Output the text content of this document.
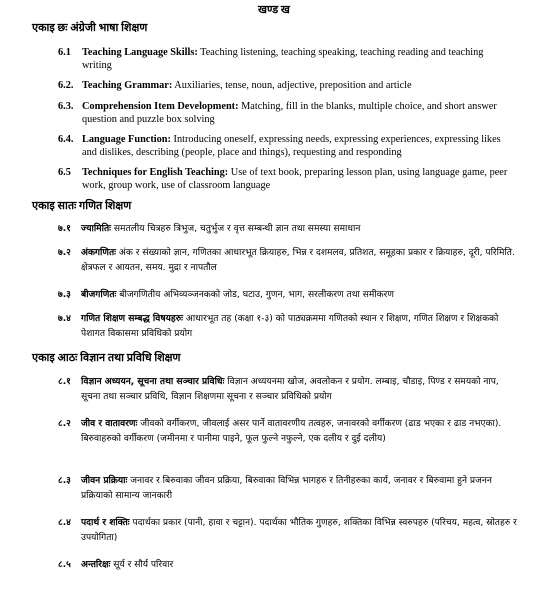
खण्ड ख
एकाइ छः अंग्रेजी भाषा शिक्षण
6.1	Teaching Language Skills: Teaching listening, teaching speaking, teaching reading and teaching writing
6.2. Teaching Grammar: Auxiliaries, tense, noun, adjective, preposition and article
6.3. Comprehension Item Development: Matching, fill in the blanks, multiple choice, and short answer question and puzzle box solving
6.4. Language Function: Introducing oneself, expressing needs, expressing experiences, expressing likes and dislikes, describing (people, place and things), requesting and responding
6.5	Techniques for English Teaching: Use of text book, preparing lesson plan, using language game, peer work, group work, use of classroom language
एकाइ सातः गणित शिक्षण
७.१	ज्यामितिः समतलीय चित्रहरु त्रिभुज, चतुर्भुज र वृत्त सम्बन्धी ज्ञान तथा समस्या समाधान
७.२	अंकगणितः अंक र संख्याको ज्ञान, गणितका आधारभूत क्रियाहरु, भिन्न र दशमलव, प्रतिशत, समूहका प्रकार र क्रियाहरु, दूरी, परिमिति. क्षेत्रफल र आयतन, समय. मुद्रा र नापतौल
७.३	बीजगणितः बीजगणितीय अभिव्यञ्जनकको जोड, घटाउ, गुणन, भाग, सरलीकरण तथा समीकरण
७.४	गणित शिक्षण सम्बद्ध विषयहरुः आधारभूत तह (कक्षा १-३) को पाठ्यक्रममा गणितको स्थान र शिक्षण, गणित शिक्षण र शिक्षकको पेशागत विकासमा प्रविधिको प्रयोग
एकाइ आठः विज्ञान तथा प्रविधि शिक्षण
८.१	विज्ञान अध्ययन, सूचना तथा सञ्चार प्रविधिः विज्ञान अध्ययनमा खोज, अवलोकन र प्रयोग. लम्बाइ, चौडाइ, पिण्ड र समयको नाप, सूचना तथा सञ्चार प्रविधि, विज्ञान शिक्षणमा सूचना र सञ्चार प्रविधिको प्रयोग
८.२	जीव र वातावरणः जीवको वर्गीकरण, जीवलाई असर पार्ने वातावरणीय तत्वहरु, जनावरको वर्गीकरण (ढाड भएका र ढाड नभएका). बिरुवाहरुको वर्गीकरण (जमीनमा र पानीमा पाइने, फूल फुल्ने नफुल्ने, एक दलीय र दुई दलीय)
८.३	जीवन प्रक्रियाः जनावर र बिरुवाका जीवन प्रक्रिया, बिरुवाका विभिन्न भागहरु र तिनीहरुका कार्य, जनावर र बिरुवामा हुने प्रजनन प्रक्रियाको सामान्य जानकारी
८.४	पदार्थ र शक्तिः पदार्थका प्रकार (पानी, हावा र चट्टान). पदार्थका भौतिक गुणहरु, शक्तिका विभिन्न स्वरुपहरु (परिचय, महत्व, स्रोतहरु र उपयोगिता)
८.५	अन्तरिक्षः सूर्य र सौर्य परिवार
